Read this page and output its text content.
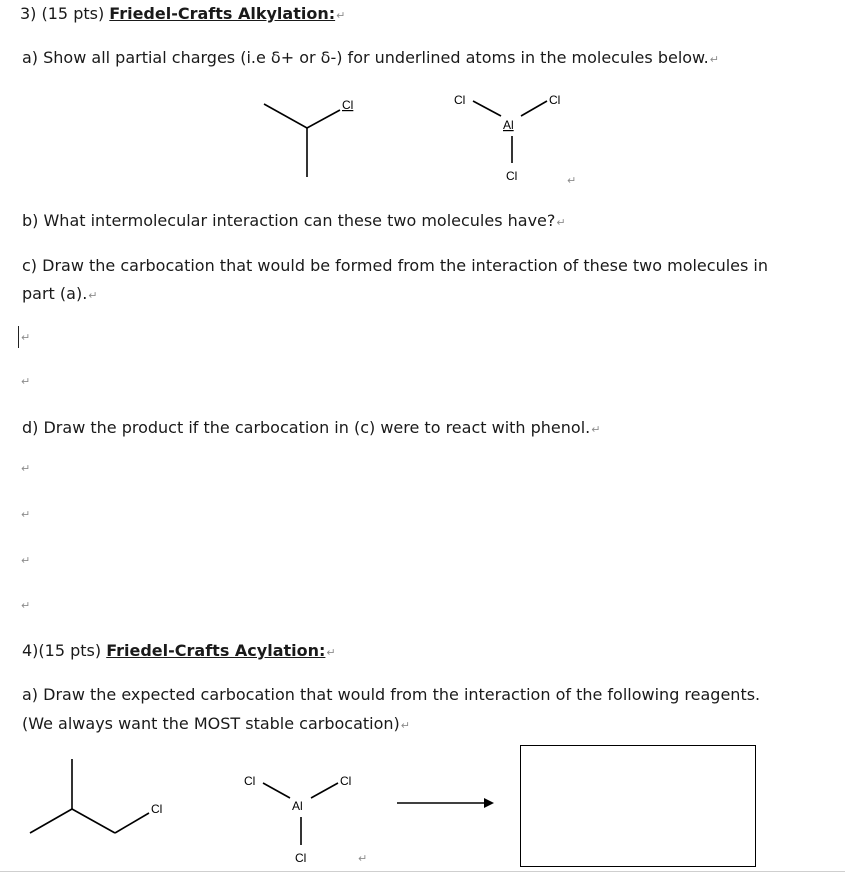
3) (15 pts) Friedel-Crafts Alkylation:↵
a) Show all partial charges (i.e δ+ or δ-) for underlined atoms in the molecules below.↵
Cl	Cl
Al
Cl
Cl
Cl
Cl
Al
Cl
Cl
↵
b) What intermolecular interaction can these two molecules have?↵
c) Draw the carbocation that would be formed from the interaction of these two molecules in
part (a).↵
↵
↵
d) Draw the product if the carbocation in (c) were to react with phenol.↵
↵
↵
↵
↵
4)(15 pts) Friedel-Crafts Acylation:↵
a) Draw the expected carbocation that would from the interaction of the following reagents.
(We always want the MOST stable carbocation)↵
↵
